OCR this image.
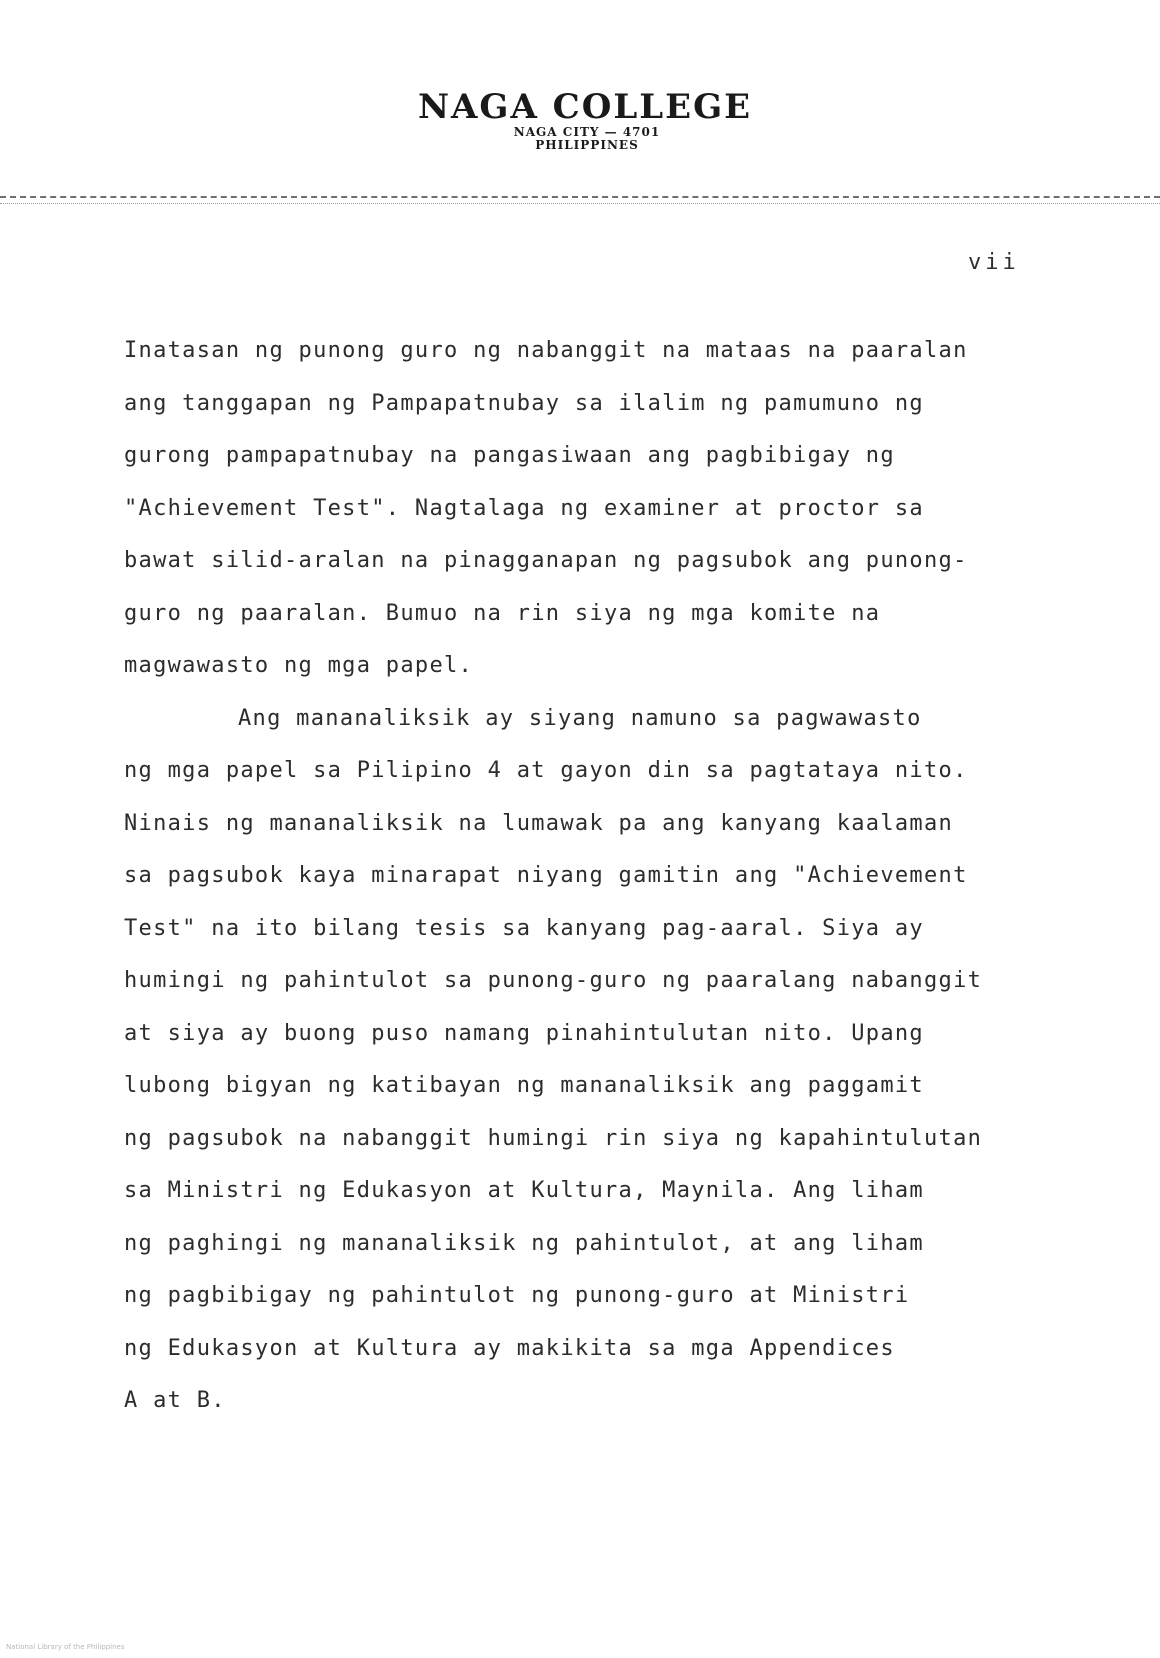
NAGA COLLEGE
NAGA CITY — 4701
PHILIPPINES
vii
Inatasan ng punong guro ng nabanggit na mataas na paaralan
ang tanggapan ng Pampapatnubay sa ilalim ng pamumuno ng
gurong pampapatnubay na pangasiwaan ang pagbibigay ng
"Achievement Test". Nagtalaga ng examiner at proctor sa
bawat silid-aralan na pinagganapan ng pagsubok ang punong-
guro ng paaralan. Bumuo na rin siya ng mga komite na
magwawasto ng mga papel.
Ang mananaliksik ay siyang namuno sa pagwawasto
ng mga papel sa Pilipino 4 at gayon din sa pagtataya nito.
Ninais ng mananaliksik na lumawak pa ang kanyang kaalaman
sa pagsubok kaya minarapat niyang gamitin ang "Achievement
Test" na ito bilang tesis sa kanyang pag-aaral. Siya ay
humingi ng pahintulot sa punong-guro ng paaralang nabanggit
at siya ay buong puso namang pinahintulutan nito. Upang
lubong bigyan ng katibayan ng mananaliksik ang paggamit
ng pagsubok na nabanggit humingi rin siya ng kapahintulutan
sa Ministri ng Edukasyon at Kultura, Maynila. Ang liham
ng paghingi ng mananaliksik ng pahintulot, at ang liham
ng pagbibigay ng pahintulot ng punong-guro at Ministri
ng Edukasyon at Kultura ay makikita sa mga Appendices
A at B.
National Library of the Philippines
